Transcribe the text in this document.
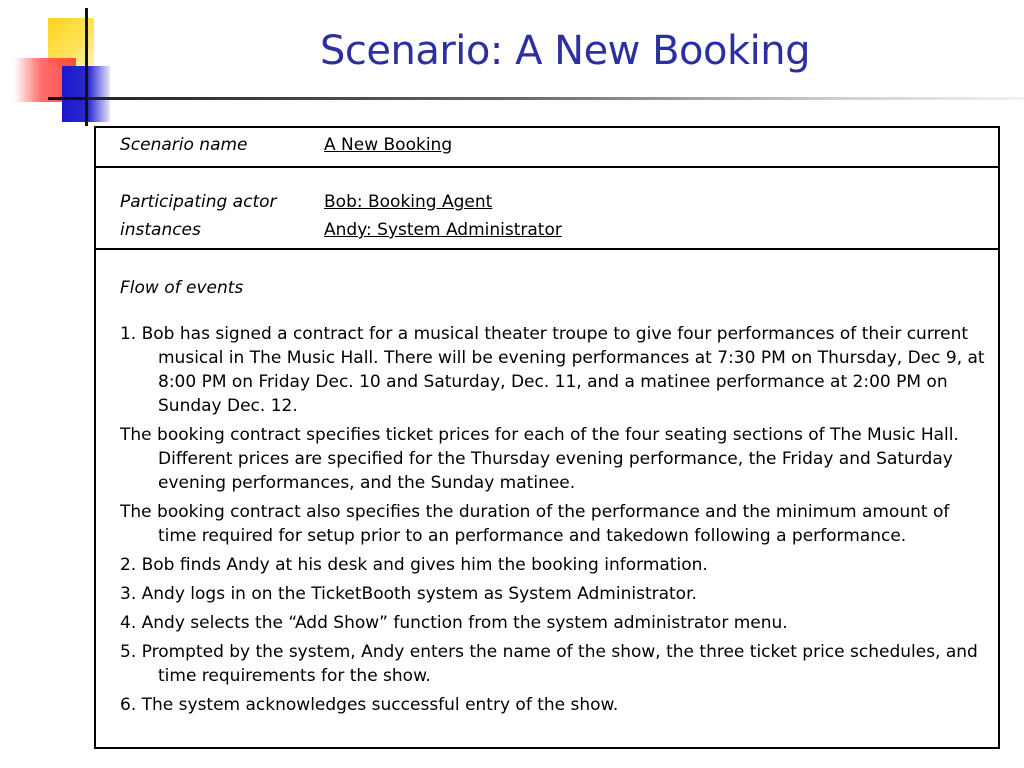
Scenario: A New Booking
Scenario name	A New Booking
Participating actor
instances
Bob: Booking Agent
Andy: System Administrator
Flow of events

1. Bob has signed a contract for a musical theater troupe to give four performances of their current musical in The Music Hall. There will be evening performances at 7:30 PM on Thursday, Dec 9, at 8:00 PM on Friday Dec. 10 and Saturday, Dec. 11, and a matinee performance at 2:00 PM on Sunday Dec. 12.

The booking contract specifies ticket prices for each of the four seating sections of The Music Hall. Different prices are specified for the Thursday evening performance, the Friday and Saturday evening performances, and the Sunday matinee.

The booking contract also specifies the duration of the performance and the minimum amount of time required for setup prior to an performance and takedown following a performance.

2. Bob finds Andy at his desk and gives him the booking information.

3. Andy logs in on the TicketBooth system as System Administrator.

4. Andy selects the “Add Show” function from the system administrator menu.

5. Prompted by the system, Andy enters the name of the show, the three ticket price schedules, and time requirements for the show.

6. The system acknowledges successful entry of the show.
